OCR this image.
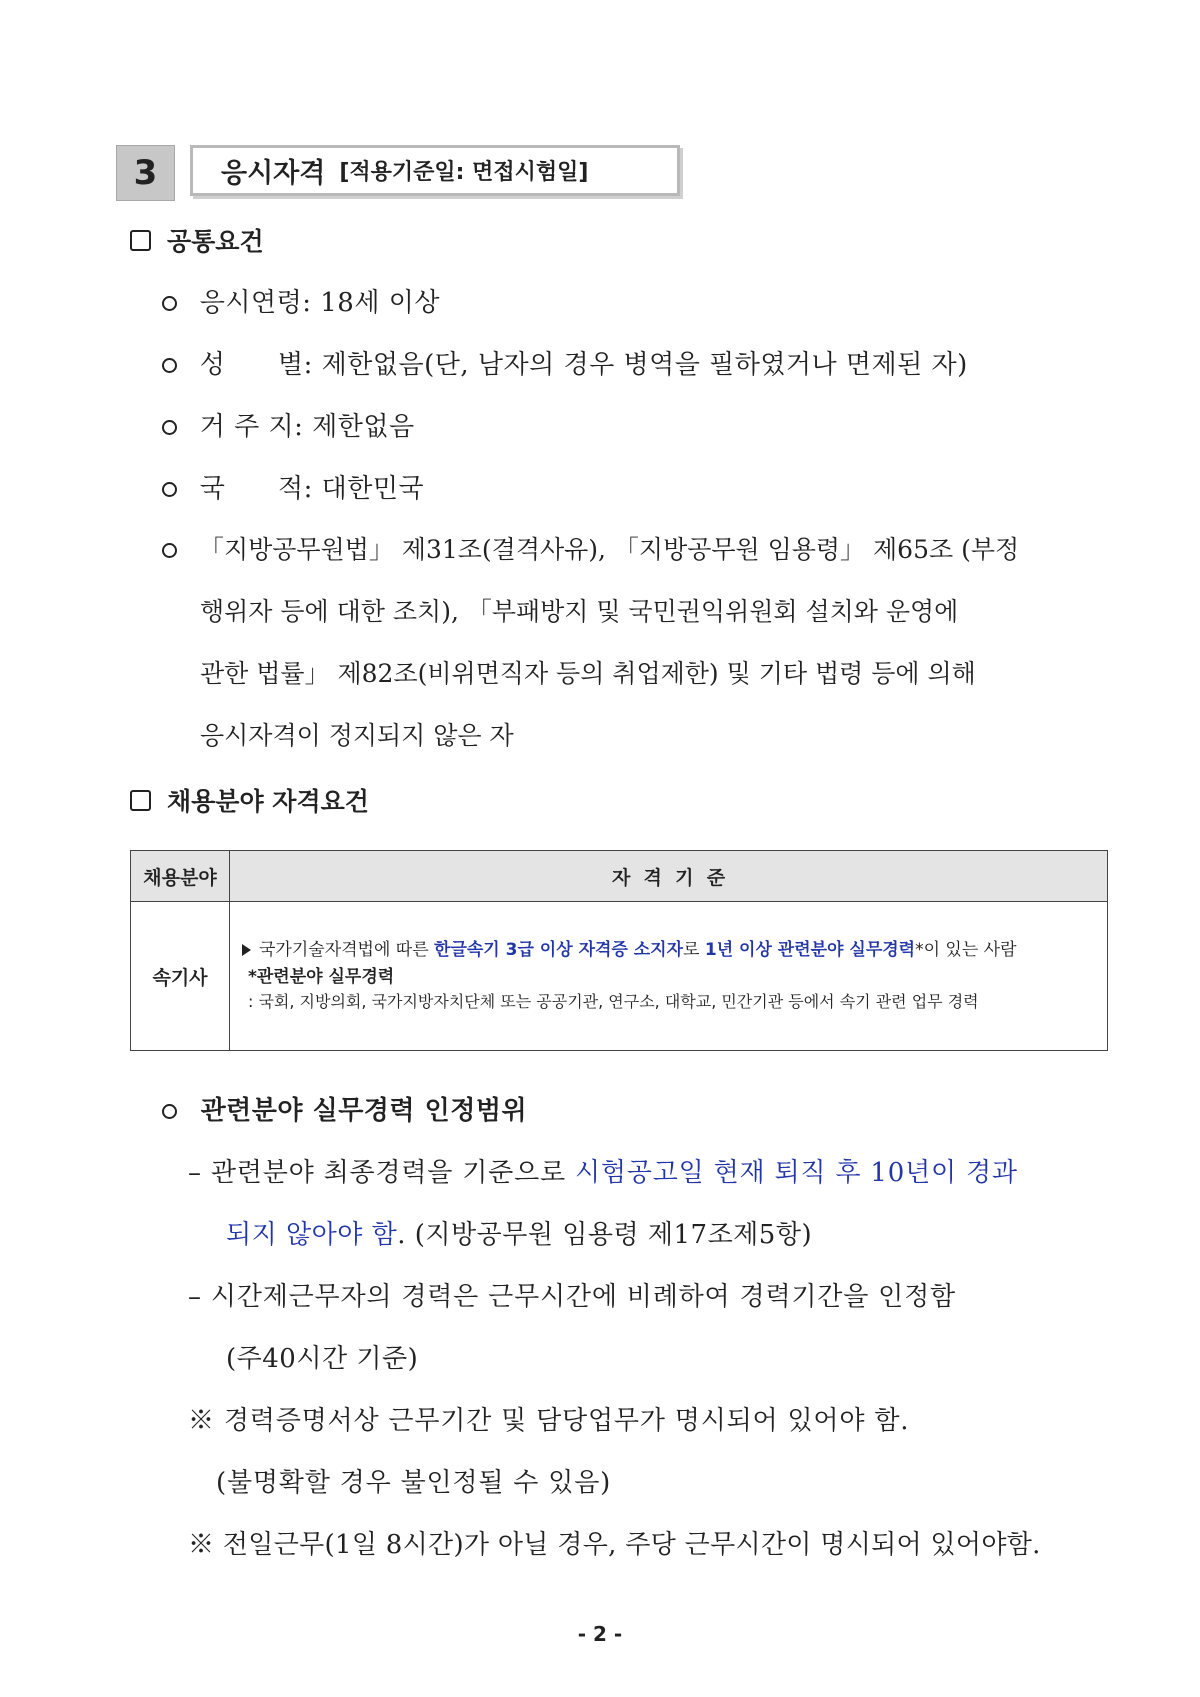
3	응시자격 [적용기준일: 면접시험일]
공통요건
응시연령: 18세 이상
성      별: 제한없음(단, 남자의 경우 병역을 필하였거나 면제된 자)
거 주 지: 제한없음
국      적: 대한민국
「지방공무원법」 제31조(결격사유), 「지방공무원 임용령」 제65조 (부정
행위자 등에 대한 조치), 「부패방지 및 국민권익위원회 설치와 운영에
관한 법률」 제82조(비위면직자 등의 취업제한) 및 기타 법령 등에 의해
응시자격이 정지되지 않은 자
채용분야 자격요건
채용분야	자  격  기  준
속기사	국가기술자격법에 따른 한글속기 3급 이상 자격증 소지자로 1년 이상 관련분야 실무경력*이 있는 사람
*관련분야 실무경력
: 국회, 지방의회, 국가지방자치단체 또는 공공기관, 연구소, 대학교, 민간기관 등에서 속기 관련 업무 경력
관련분야 실무경력 인정범위
– 관련분야 최종경력을 기준으로 시험공고일 현재 퇴직 후 10년이 경과
되지 않아야 함. (지방공무원 임용령 제17조제5항)
– 시간제근무자의 경력은 근무시간에 비례하여 경력기간을 인정함
(주40시간 기준)
※ 경력증명서상 근무기간 및 담당업무가 명시되어 있어야 함.
(불명확할 경우 불인정될 수 있음)
※ 전일근무(1일 8시간)가 아닐 경우, 주당 근무시간이 명시되어 있어야함.
- 2 -
